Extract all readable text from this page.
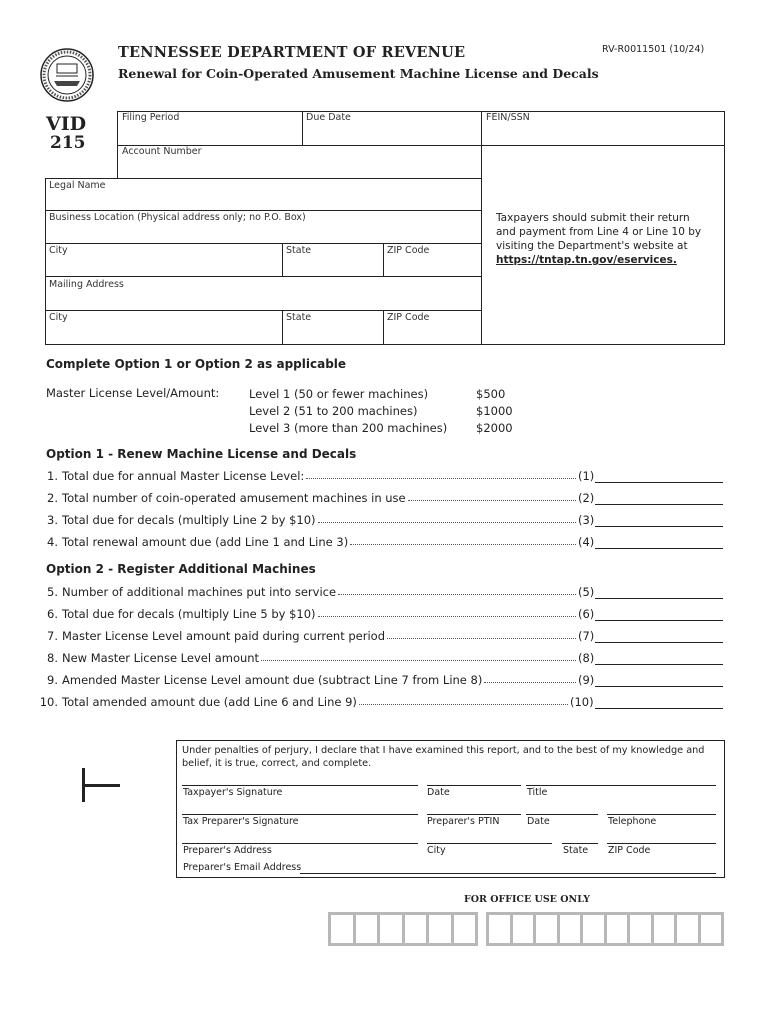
TENNESSEE DEPARTMENT OF REVENUE
Renewal for Coin-Operated Amusement Machine License and Decals
RV-R0011501 (10/24)
VID
215
Filing Period	Due Date	FEIN/SSN
Account Number
Legal Name
Business Location (Physical address only; no P.O. Box)
City	State	ZIP Code
Mailing Address
City	State	ZIP Code
Taxpayers should submit their return and payment from Line 4 or Line 10 by visiting the Department's website at https://tntap.tn.gov/eservices.
Complete Option 1 or Option 2 as applicable
Master License Level/Amount:	Level 1 (50 or fewer machines)	$500
Level 2 (51 to 200 machines)	$1000
Level 3 (more than 200 machines)	$2000
Option 1 - Renew Machine License and Decals
1. Total due for annual Master License Level:	(1)
2. Total number of coin-operated amusement machines in use	(2)
3. Total due for decals (multiply Line 2 by $10)	(3)
4. Total renewal amount due (add Line 1 and Line 3)	(4)
Option 2 - Register Additional Machines
5. Number of additional machines put into service	(5)
6. Total due for decals (multiply Line 5 by $10)	(6)
7. Master License Level amount paid during current period	(7)
8. New Master License Level amount	(8)
9. Amended Master License Level amount due (subtract Line 7 from Line 8)	(9)
10. Total amended amount due (add Line 6 and Line 9)	(10)
Under penalties of perjury, I declare that I have examined this report, and to the best of my knowledge and belief, it is true, correct, and complete.
Taxpayer's Signature	Date	Title
Tax Preparer's Signature	Preparer's PTIN	Date	Telephone
Preparer's Address	City	State ZIP Code
Preparer's Email Address
FOR OFFICE USE ONLY
